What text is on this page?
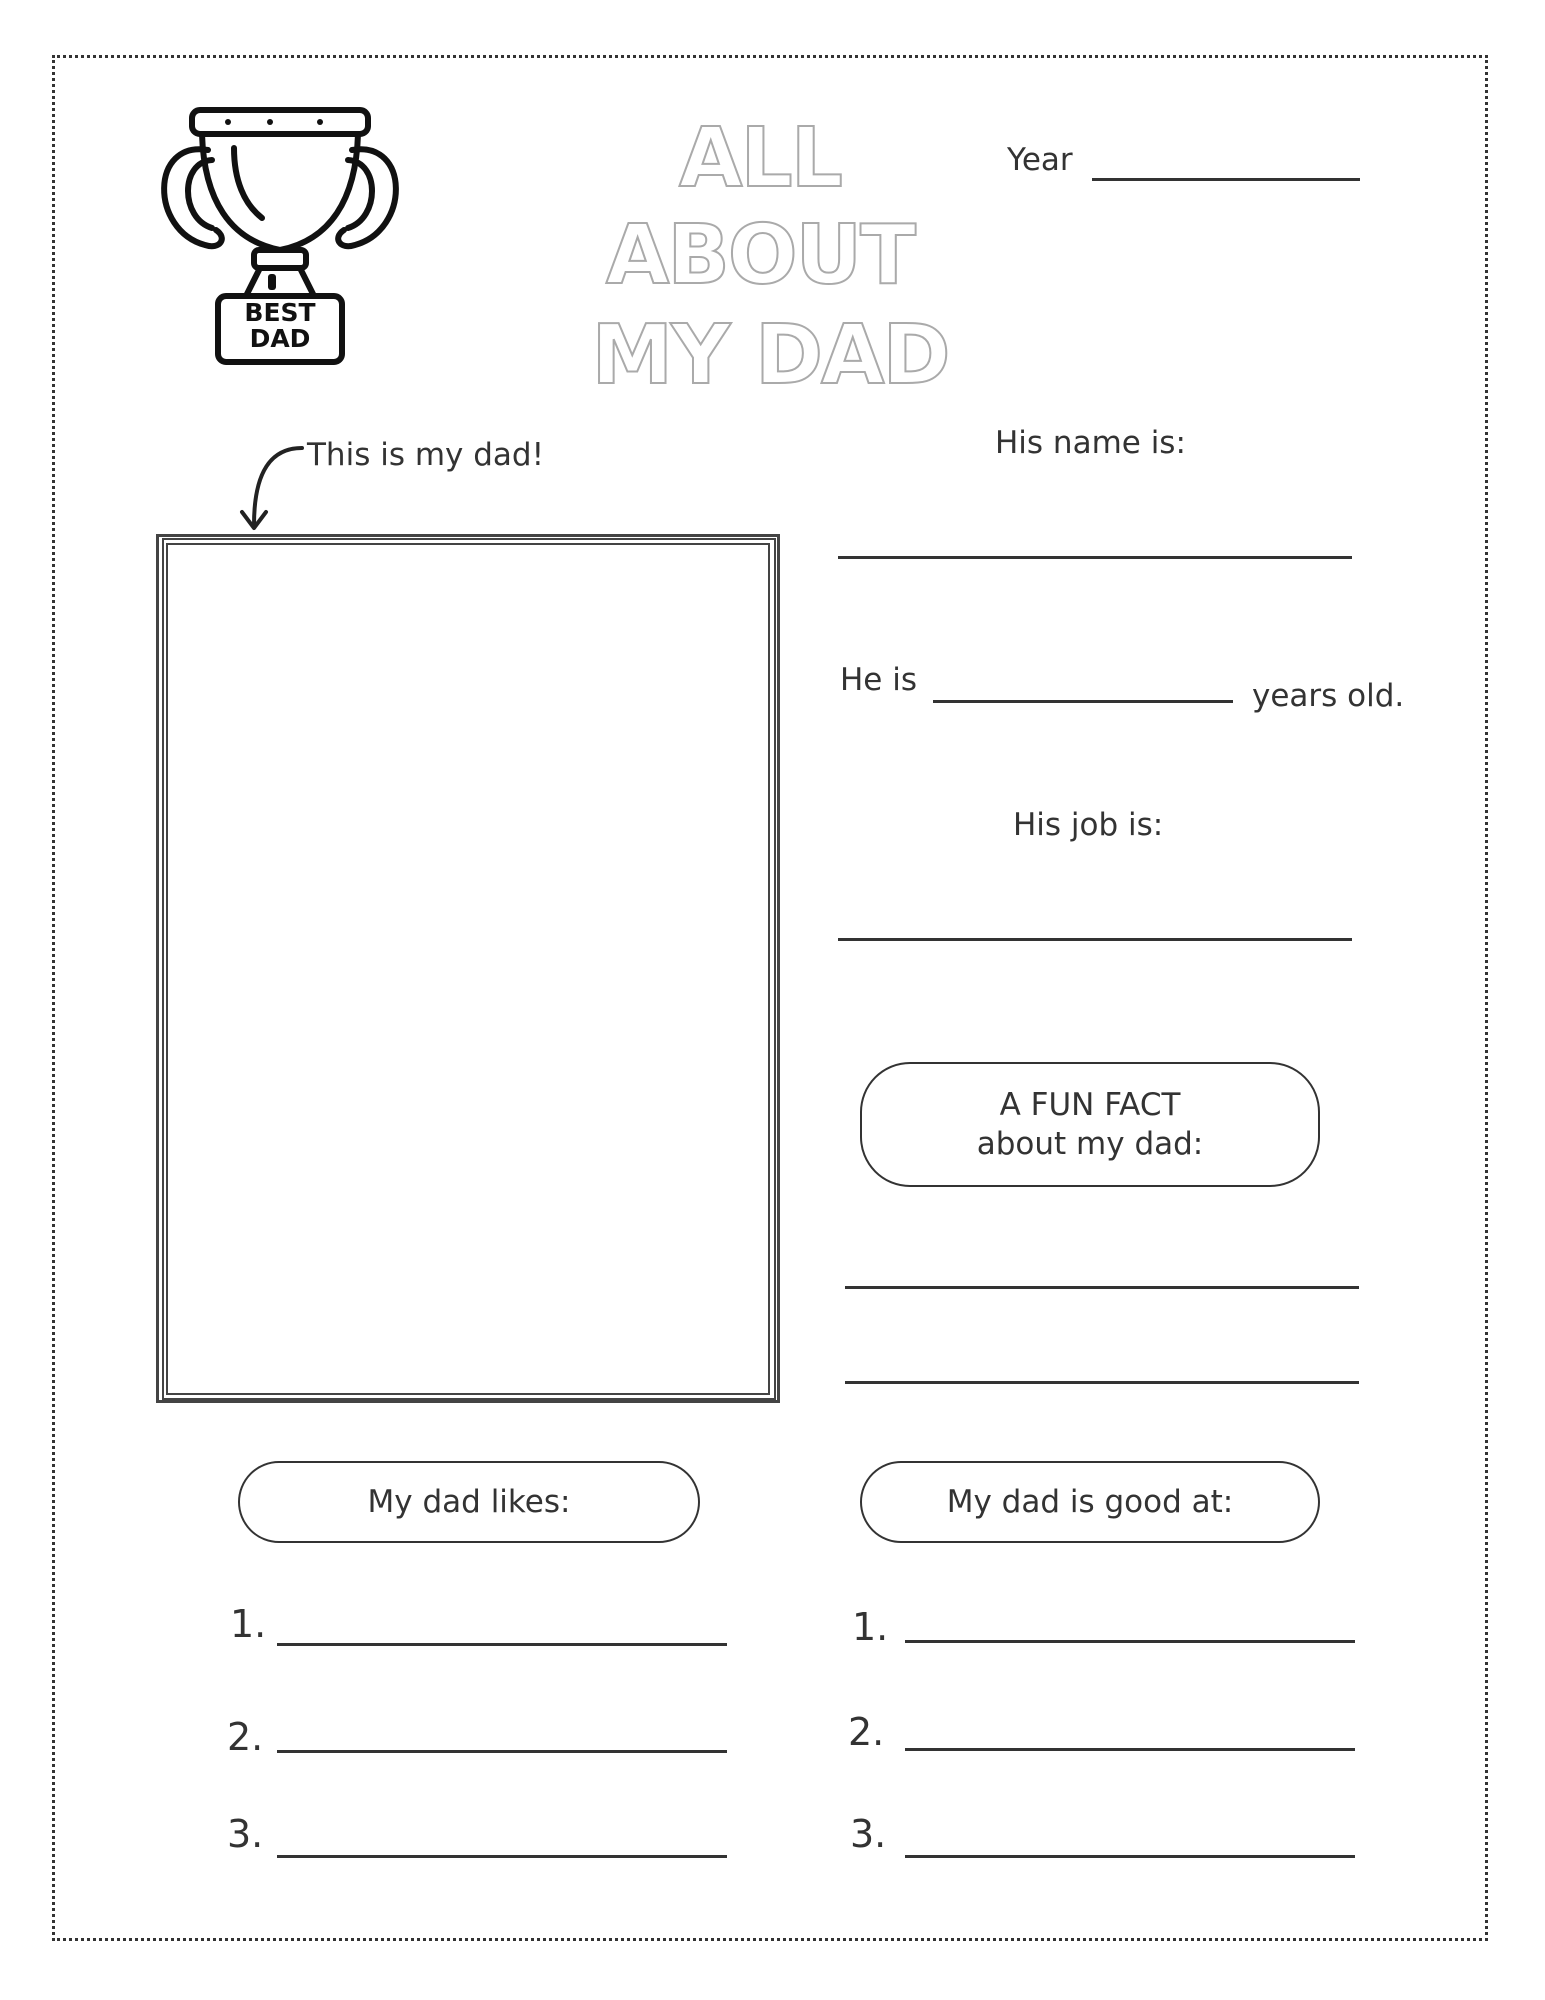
BEST
DAD
ALL
ABOUT
MY DAD
Year
This is my dad!	His name is:
He is	years old.
His job is:
A FUN FACT
about my dad:
My dad likes:
1.
2.
3.
My dad is good at:
1.
2.
3.
